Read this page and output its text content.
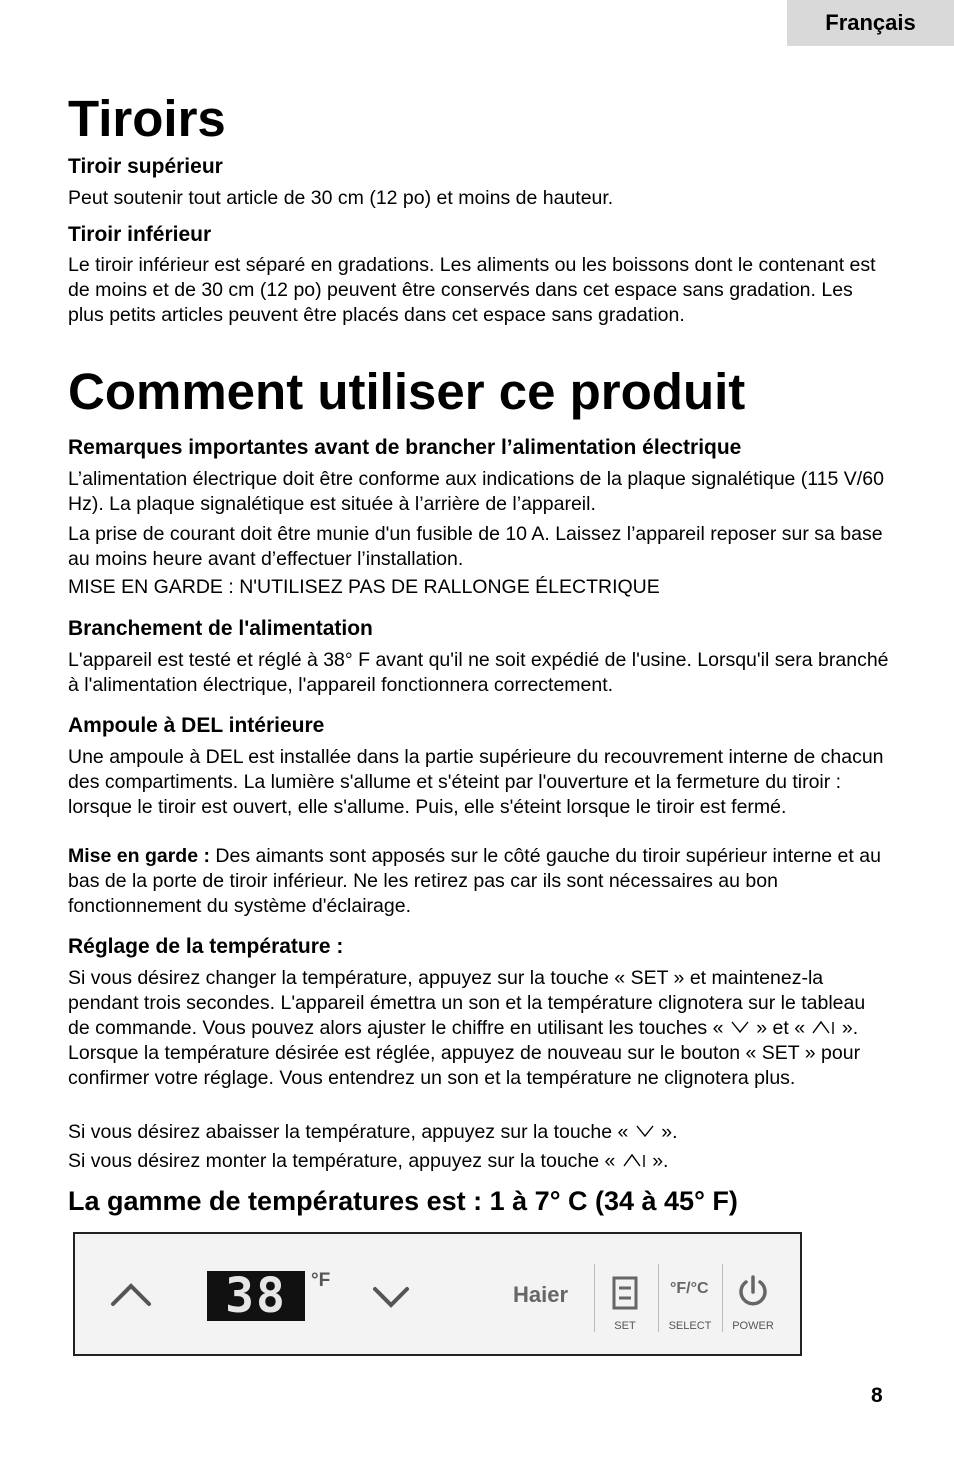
Français
Tiroirs
Tiroir supérieur

Peut soutenir tout article de 30 cm (12 po) et moins de hauteur.

Tiroir inférieur

Le tiroir inférieur est séparé en gradations. Les aliments ou les boissons dont le contenant est de moins et de 30 cm (12 po) peuvent être conservés dans cet espace sans gradation. Les plus petits articles peuvent être placés dans cet espace sans gradation.

Comment utiliser ce produit
Remarques importantes avant de brancher l’alimentation électrique

L’alimentation électrique doit être conforme aux indications de la plaque signalétique (115 V/60 Hz). La plaque signalétique est située à l’arrière de l’appareil.

La prise de courant doit être munie d'un fusible de 10 A. Laissez l’appareil reposer sur sa base au moins heure avant d’effectuer l’installation.

MISE EN GARDE : N'UTILISEZ PAS DE RALLONGE ÉLECTRIQUE

Branchement de l'alimentation

L'appareil est testé et réglé à 38° F avant qu'il ne soit expédié de l'usine. Lorsqu'il sera branché à l'alimentation électrique, l'appareil fonctionnera correctement.

Ampoule à DEL intérieure

Une ampoule à DEL est installée dans la partie supérieure du recouvrement interne de chacun des compartiments. La lumière s'allume et s'éteint par l'ouverture et la fermeture du tiroir : lorsque le tiroir est ouvert, elle s'allume. Puis, elle s'éteint lorsque le tiroir est fermé.

Mise en garde : Des aimants sont apposés sur le côté gauche du tiroir supérieur interne et au bas de la porte de tiroir inférieur. Ne les retirez pas car ils sont nécessaires au bon fonctionnement du système d'éclairage.

Réglage de la température :

Si vous désirez changer la température, appuyez sur la touche « SET » et maintenez-la pendant trois secondes. L'appareil émettra un son et la température clignotera sur le tableau de commande. Vous pouvez alors ajuster le chiffre en utilisant les touches «  » et «  ». Lorsque la température désirée est réglée, appuyez de nouveau sur le bouton « SET » pour confirmer votre réglage. Vous entendrez un son et la température ne clignotera plus.

Si vous désirez abaisser la température, appuyez sur la touche «  ».

Si vous désirez monter la température, appuyez sur la touche «  ».

La gamme de températures est : 1 à 7° C (34 à 45° F)
38	°F
Haier
SET
°F/°C
SELECT	POWER
8
